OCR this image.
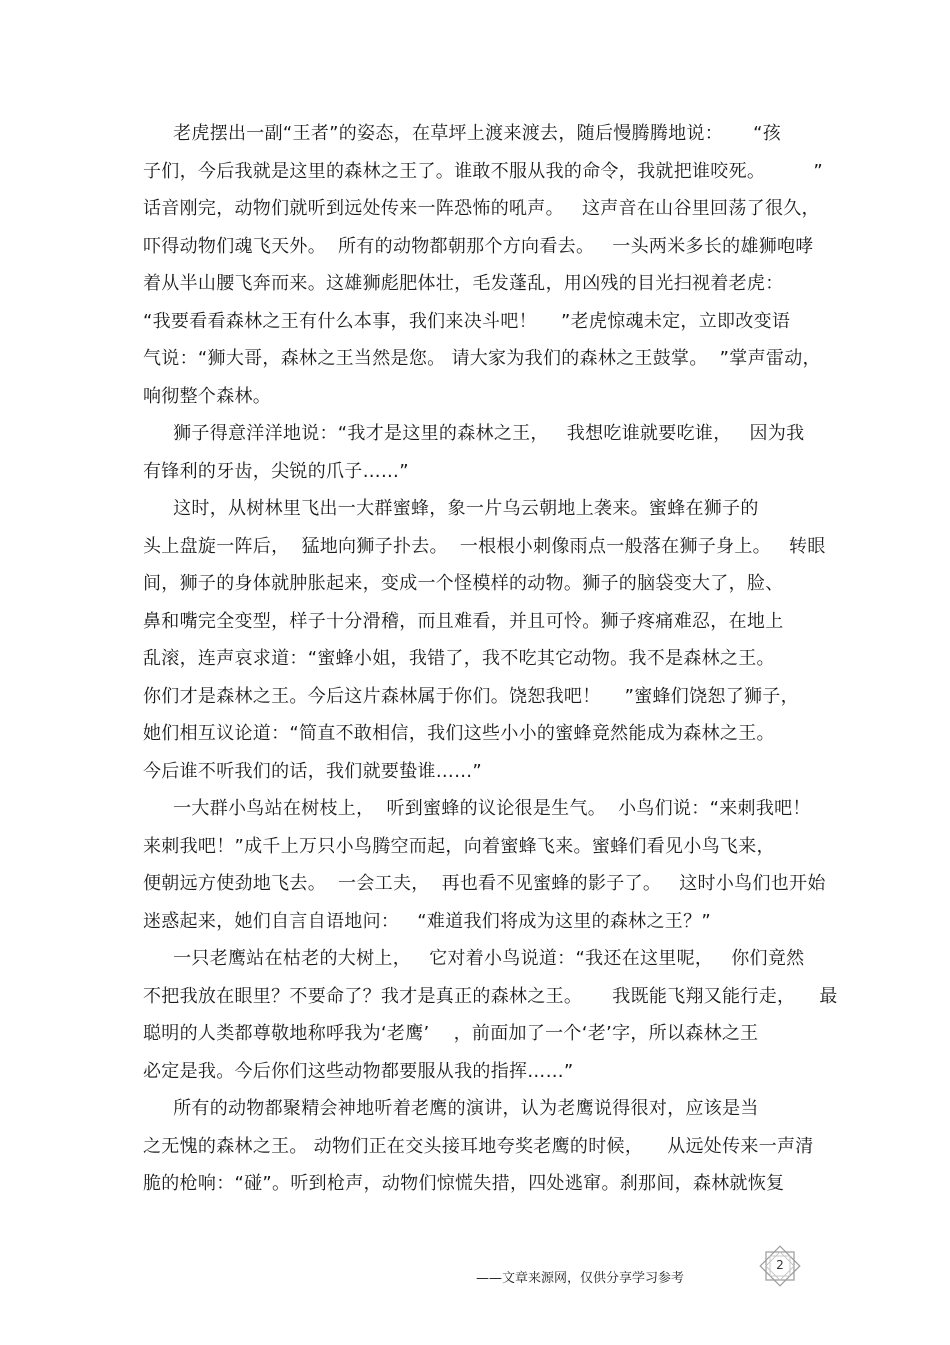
老虎摆出一副“王者”的姿态，在草坪上渡来渡去，随后慢腾腾地说：     “孩
子们，今后我就是这里的森林之王了。谁敢不服从我的命令，我就把谁咬死。        ”
话音刚完，动物们就听到远处传来一阵恐怖的吼声。   这声音在山谷里回荡了很久，
吓得动物们魂飞天外。  所有的动物都朝那个方向看去。   一头两米多长的雄狮咆哮
着从半山腰飞奔而来。这雄狮彪肥体壮，毛发蓬乱，用凶残的目光扫视着老虎：
“我要看看森林之王有什么本事，我们来决斗吧！    ”老虎惊魂未定，立即改变语
气说：“狮大哥，森林之王当然是您。 请大家为我们的森林之王鼓掌。  ”掌声雷动，
响彻整个森林。
狮子得意洋洋地说：“我才是这里的森林之王，   我想吃谁就要吃谁，   因为我
有锋利的牙齿，尖锐的爪子……”
这时，从树林里飞出一大群蜜蜂，象一片乌云朝地上袭来。蜜蜂在狮子的
头上盘旋一阵后，  猛地向狮子扑去。  一根根小刺像雨点一般落在狮子身上。   转眼
间，狮子的身体就肿胀起来，变成一个怪模样的动物。狮子的脑袋变大了，脸、
鼻和嘴完全变型，样子十分滑稽，而且难看，并且可怜。狮子疼痛难忍，在地上
乱滚，连声哀求道：“蜜蜂小姐，我错了，我不吃其它动物。我不是森林之王。
你们才是森林之王。今后这片森林属于你们。饶恕我吧！    ”蜜蜂们饶恕了狮子，
她们相互议论道：“简直不敢相信，我们这些小小的蜜蜂竟然能成为森林之王。
今后谁不听我们的话，我们就要蛰谁……”
一大群小鸟站在树枝上，  听到蜜蜂的议论很是生气。  小鸟们说：“来刺我吧！
来刺我吧！”成千上万只小鸟腾空而起，向着蜜蜂飞来。蜜蜂们看见小鸟飞来，
便朝远方使劲地飞去。  一会工夫，  再也看不见蜜蜂的影子了。   这时小鸟们也开始
迷惑起来，她们自言自语地问：   “难道我们将成为这里的森林之王？”
一只老鹰站在枯老的大树上，   它对着小鸟说道：“我还在这里呢，   你们竟然
不把我放在眼里？不要命了？我才是真正的森林之王。     我既能飞翔又能行走，    最
聪明的人类都尊敬地称呼我为‘老鹰’    ，前面加了一个‘老’字，所以森林之王
必定是我。今后你们这些动物都要服从我的指挥……”
所有的动物都聚精会神地听着老鹰的演讲，认为老鹰说得很对，应该是当
之无愧的森林之王。 动物们正在交头接耳地夸奖老鹰的时候，    从远处传来一声清
脆的枪响：“碰”。听到枪声，动物们惊慌失措，四处逃窜。刹那间，森林就恢复
——文章来源网，仅供分享学习参考
2
